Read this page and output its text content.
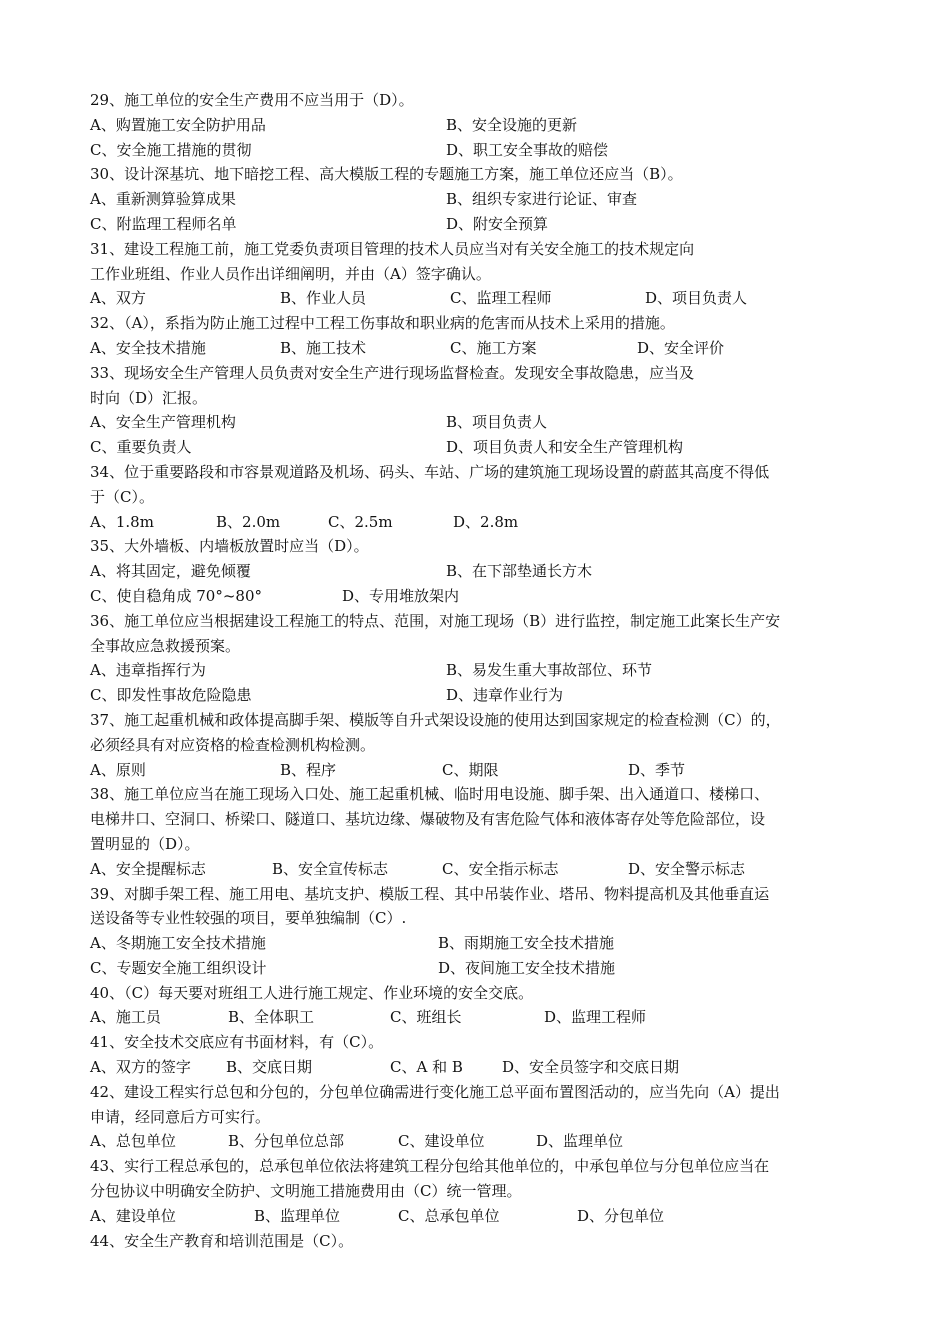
29、施工单位的安全生产费用不应当用于（D）。
A、购置施工安全防护用品	B、安全设施的更新
C、安全施工措施的贯彻	D、职工安全事故的赔偿
30、设计深基坑、地下暗挖工程、高大模版工程的专题施工方案，施工单位还应当（B）。
A、重新测算验算成果	B、组织专家进行论证、审查
C、附监理工程师名单	D、附安全预算
31、建设工程施工前，施工党委负责项目管理的技术人员应当对有关安全施工的技术规定向
工作业班组、作业人员作出详细阐明，并由（A）签字确认。
A、双方	B、作业人员	C、监理工程师	D、项目负责人
32、（A），系指为防止施工过程中工程工伤事故和职业病的危害而从技术上采用的措施。
A、安全技术措施	B、施工技术	C、施工方案	D、安全评价
33、现场安全生产管理人员负责对安全生产进行现场监督检查。发现安全事故隐患，应当及
时向（D）汇报。
A、安全生产管理机构	B、项目负责人
C、重要负责人	D、项目负责人和安全生产管理机构
34、位于重要路段和市容景观道路及机场、码头、车站、广场的建筑施工现场设置的蔚蓝其高度不得低
于（C）。
A、1.8m	B、2.0m	C、2.5m	D、2.8m
35、大外墙板、内墙板放置时应当（D）。
A、将其固定，避免倾覆	B、在下部垫通长方木
C、使自稳角成 70°~80°	D、专用堆放架内
36、施工单位应当根据建设工程施工的特点、范围，对施工现场（B）进行监控，制定施工此案长生产安
全事故应急救援预案。
A、违章指挥行为	B、易发生重大事故部位、环节
C、即发性事故危险隐患	D、违章作业行为
37、施工起重机械和政体提高脚手架、模版等自升式架设设施的使用达到国家规定的检查检测（C）的，
必须经具有对应资格的检查检测机构检测。
A、原则	B、程序	C、期限	D、季节
38、施工单位应当在施工现场入口处、施工起重机械、临时用电设施、脚手架、出入通道口、楼梯口、
电梯井口、空洞口、桥梁口、隧道口、基坑边缘、爆破物及有害危险气体和液体寄存处等危险部位，设
置明显的（D）。
A、安全提醒标志	B、安全宣传标志	C、安全指示标志	D、安全警示标志
39、对脚手架工程、施工用电、基坑支护、模版工程、其中吊装作业、塔吊、物料提高机及其他垂直运
送设备等专业性较强的项目，要单独编制（C）.
A、冬期施工安全技术措施	B、雨期施工安全技术措施
C、专题安全施工组织设计	D、夜间施工安全技术措施
40、（C）每天要对班组工人进行施工规定、作业环境的安全交底。
A、施工员	B、全体职工	C、班组长	D、监理工程师
41、安全技术交底应有书面材料，有（C）。
A、双方的签字 B、交底日期	C、A 和 B	D、安全员签字和交底日期
42、建设工程实行总包和分包的，分包单位确需进行变化施工总平面布置图活动的，应当先向（A）提出
申请，经同意后方可实行。
A、总包单位	B、分包单位总部	C、建设单位	D、监理单位
43、实行工程总承包的，总承包单位依法将建筑工程分包给其他单位的，中承包单位与分包单位应当在
分包协议中明确安全防护、文明施工措施费用由（C）统一管理。
A、建设单位	B、监理单位	C、总承包单位	D、分包单位
44、安全生产教育和培训范围是（C）。
